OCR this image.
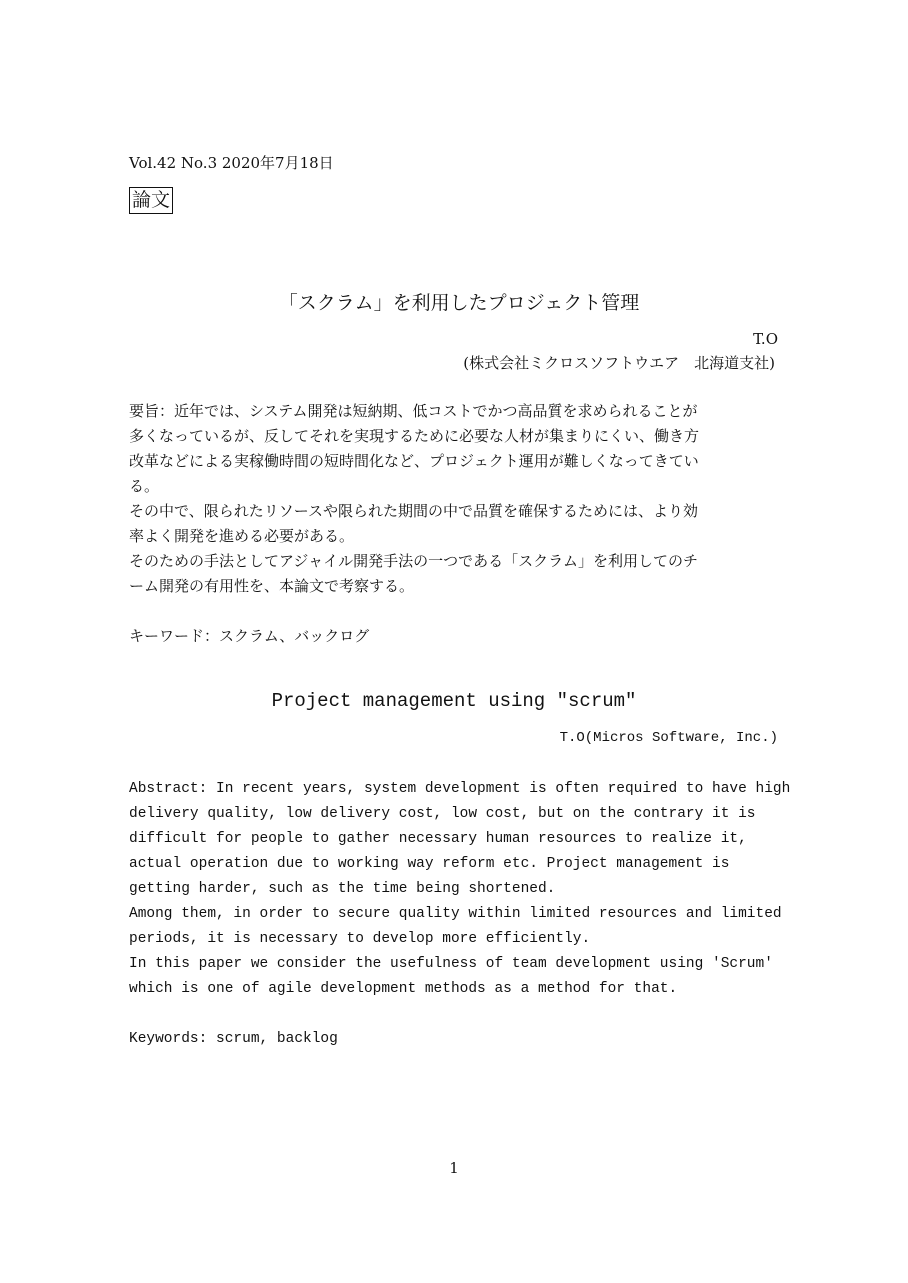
Vol.42 No.3 2020年7月18日
論文
「スクラム」を利用したプロジェクト管理
T.O
(株式会社ミクロスソフトウエア　北海道支社)

要旨：近年では、システム開発は短納期、低コストでかつ高品質を求められることが

多くなっているが、反してそれを実現するために必要な人材が集まりにくい、働き方

改革などによる実稼働時間の短時間化など、プロジェクト運用が難しくなってきてい

る。

その中で、限られたリソースや限られた期間の中で品質を確保するためには、より効

率よく開発を進める必要がある。

そのための手法としてアジャイル開発手法の一つである「スクラム」を利用してのチ

ーム開発の有用性を、本論文で考察する。

キーワード：スクラム、バックログ
Project management using ″scrum″
T.O(Micros Software, Inc.)

Abstract: In recent years, system development is often required to have high

delivery quality, low delivery cost, low cost, but on the contrary it is

difficult for people to gather necessary human resources to realize it,

actual operation due to working way reform etc. Project management is

getting harder, such as the time being shortened.

Among them, in order to secure quality within limited resources and limited

periods, it is necessary to develop more efficiently.

In this paper we consider the usefulness of team development using 'Scrum'

which is one of agile development methods as a method for that.

Keywords: scrum, backlog
1
